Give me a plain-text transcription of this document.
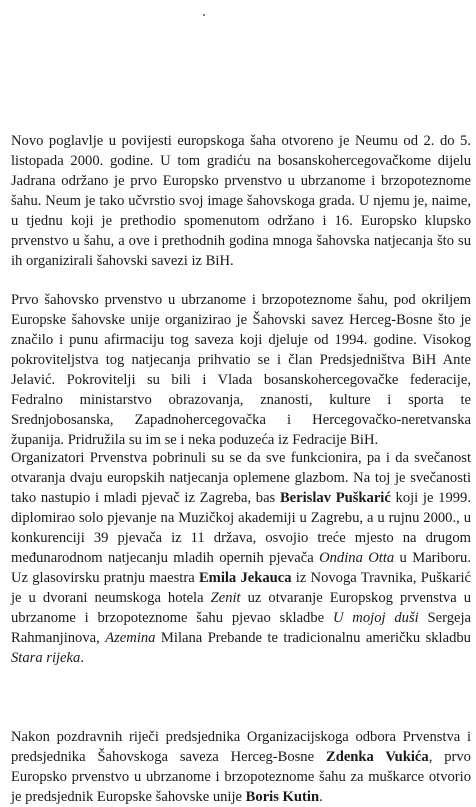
Novo poglavlje u povijesti europskoga šaha otvoreno je Neumu od 2. do 5. listopada 2000. godine. U tom gradiću na bosanskohercegovačkome dijelu Jadrana održano je prvo Europsko prvenstvo u ubrzanome i brzopoteznome šahu. Neum je tako učvrstio svoj image šahovskoga grada. U njemu je, naime, u tjednu koji je prethodio spomenutom održano i 16. Europsko klupsko prvenstvo u šahu, a ove i prethodnih godina mnoga šahovska natjecanja što su ih organizirali šahovski savezi iz BiH.

Prvo šahovsko prvenstvo u ubrzanome i brzopoteznome šahu, pod okriljem Europske šahovske unije organizirao je Šahovski savez Herceg-Bosne što je značilo i punu afirmaciju tog saveza koji djeluje od 1994. godine. Visokog pokroviteljstva tog natjecanja prihvatio se i član Predsjedništva BiH Ante Jelavić. Pokrovitelji su bili i Vlada bosanskohercegovačke federacije, Fedralno ministarstvo obrazovanja, znanosti, kulture i sporta te Srednjobosanska, Zapadnohercegovačka i Hercegovačko-neretvanska županija. Pridružila su im se i neka poduzeća iz Fedracije BiH.

Organizatori Prvenstva pobrinuli su se da sve funkcionira, pa i da svečanost otvaranja dvaju europskih natjecanja oplemene glazbom. Na toj je svečanosti tako nastupio i mladi pjevač iz Zagreba, bas Berislav Puškarić koji je 1999. diplomirao solo pjevanje na Muzičkoj akademiji u Zagrebu, a u rujnu 2000., u konkurenciji 39 pjevača iz 11 država, osvojio treće mjesto na drugom međunarodnom natjecanju mladih opernih pjevača Ondina Otta u Mariboru. Uz glasovirsku pratnju maestra Emila Jekauca iz Novoga Travnika, Puškarić je u dvorani neumskoga hotela Zenit uz otvaranje Europskog prvenstva u ubrzanome i brzopoteznome šahu pjevao skladbe U mojoj duši Sergeja Rahmanjinova, Azemina Milana Prebande te tradicionalnu američku skladbu Stara rijeka.

Nakon pozdravnih riječi predsjednika Organizacijskoga odbora Prvenstva i predsjednika Šahovskoga saveza Herceg-Bosne Zdenka Vukića, prvo Europsko prvenstvo u ubrzanome i brzopoteznome šahu za muškarce otvorio je predsjednik Europske šahovske unije Boris Kutin.
